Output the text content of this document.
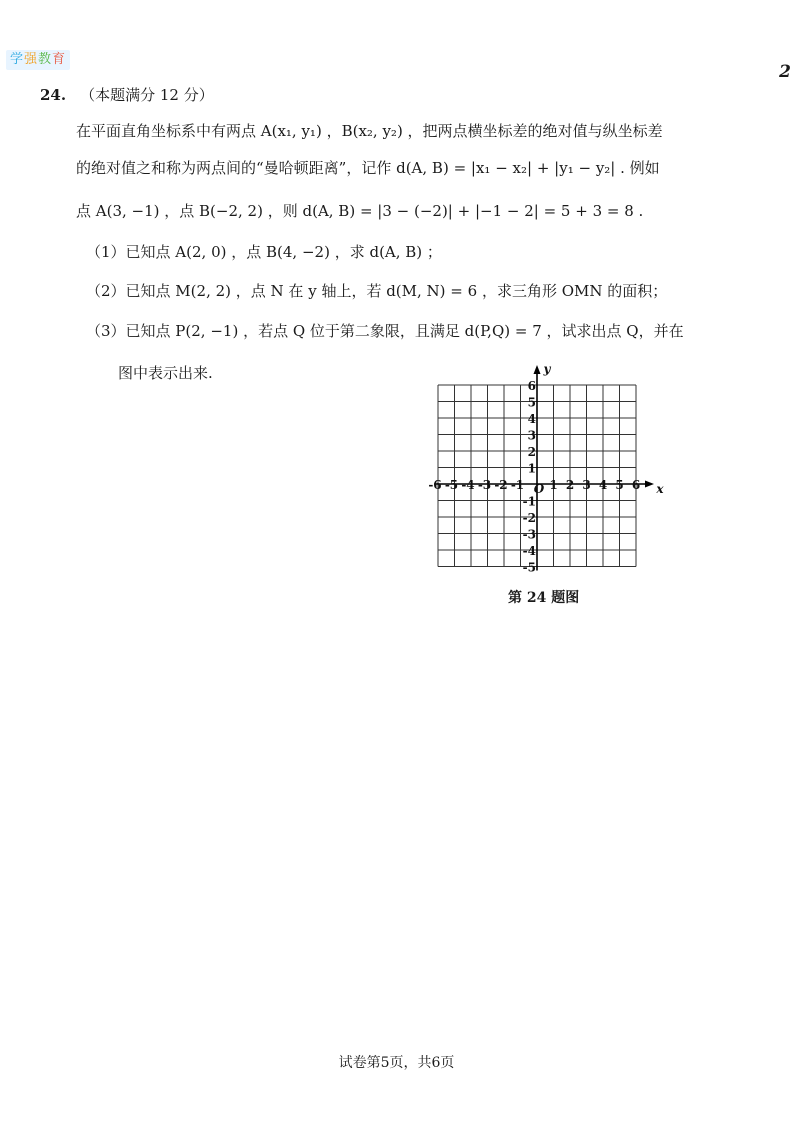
学强教育
2
24. （本题满分 12 分）
在平面直角坐标系中有两点 A(x₁, y₁) ，B(x₂, y₂) ，把两点横坐标差的绝对值与纵坐标差
的绝对值之和称为两点间的“曼哈顿距离”，记作 d(A, B) = |x₁ − x₂| + |y₁ − y₂| . 例如
点 A(3, −1) ，点 B(−2, 2) ，则 d(A, B) = |3 − (−2)| + |−1 − 2| = 5 + 3 = 8 .
（1）已知点 A(2, 0) ，点 B(4, −2) ，求 d(A, B) ；
（2）已知点 M(2, 2) ，点 N 在 y 轴上，若 d(M, N) = 6 ，求三角形 OMN 的面积；
（3）已知点 P(2, −1) ，若点 Q 位于第二象限，且满足 d(P,Q) = 7 ，试求出点 Q，并在
图中表示出来.
-6 -5 -4 -3 -2 -1 1 2 3 4 5 6
6
5
4
3
2
1
-1
-2
-3
-4
-5
O	x
y
第 24 题图
试卷第5页，共6页
